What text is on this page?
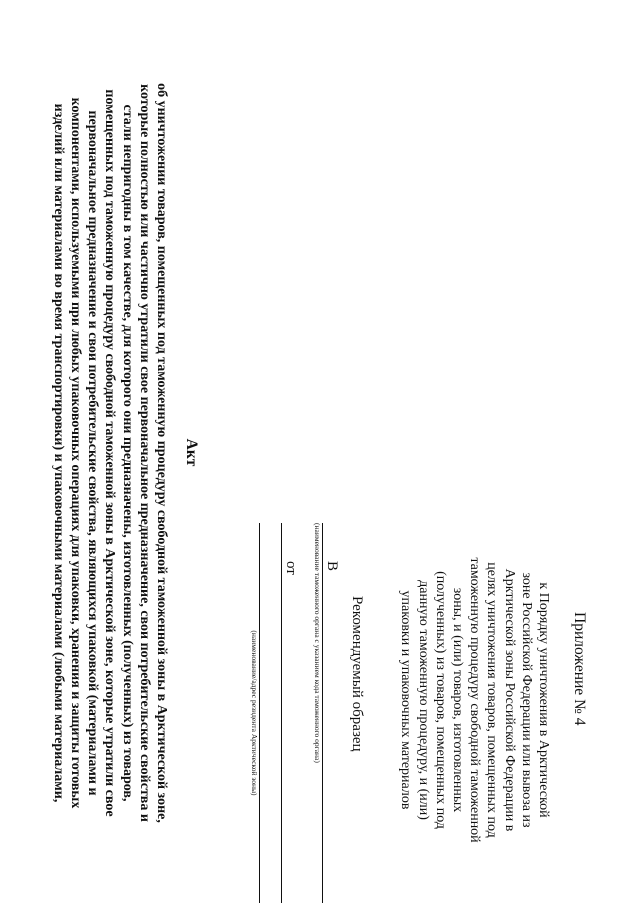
Приложение № 4
к Порядку уничтожения в Арктической
зоне Российской Федерации или вывоза из
Арктической зоны Российской Федерации в
целях уничтожения товаров, помещенных под
таможенную процедуру свободной таможенной
зоны, и (или) товаров, изготовленных
(полученных) из товаров, помещенных под
данную таможенную процедуру, и (или)
упаковки и упаковочных материалов
Рекомендуемый образец
В
(наименование таможенного органа с указанием кода таможенного органа)
от
(наименование/адрес резидента Арктической зоны)
Акт
об уничтожении товаров, помещенных под таможенную процедуру свободной таможенной зоны в Арктической зоне,
которые полностью или частично утратили свое первоначальное предназначение, свои потребительские свойства и
стали непригодны в том качестве, для которого они предназначены, изготовленных (полученных) из товаров,
помещенных под таможенную процедуру свободной таможенной зоны в Арктической зоне, которые утратили свое
первоначальное предназначение и свои потребительские свойства, являющихся упаковкой (материалами и
компонентами, используемыми при любых упаковочных операциях для упаковки, хранения и защиты готовых
изделий или материалами во время транспортировки) и упаковочными материалами (любыми материалами,
